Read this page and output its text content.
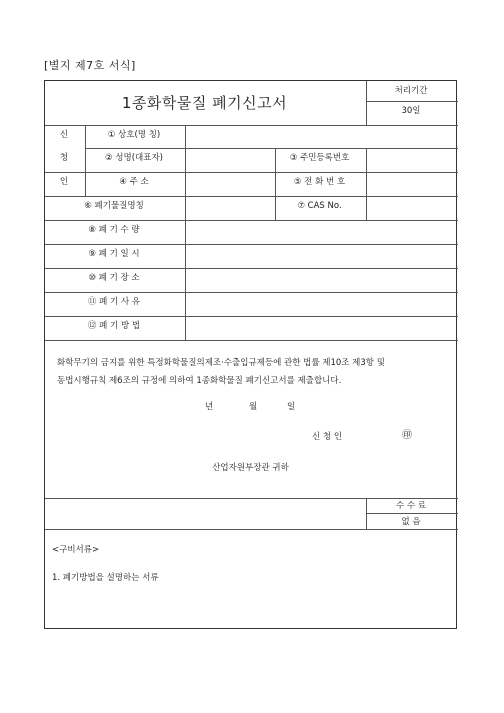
[별지 제7호 서식]
1종화학물질 폐기신고서
처리기간
30일
신
청
인
① 상호(명 칭)
② 성명(대표자)	③ 주민등록번호
④ 주 소	⑤ 전 화 번 호
⑥ 폐기물질명칭	⑦ CAS No.
⑧ 폐 기 수 량
⑨ 폐 기 일 시
⑩ 폐 기 장 소
⑪ 폐 기 사 유
⑫ 폐 기 방 법
화학무기의 금지를 위한 특정화학물질의제조·수출입규제등에 관한 법률 제10조 제3항 및
동법시행규칙 제6조의 규정에 의하여 1종화학물질 폐기신고서를 제출합니다.
년	월	일
신 청 인	㊞
산업자원부장관 귀하
수 수 료
없 음
<구비서류>
1. 폐기방법을 설명하는 서류
